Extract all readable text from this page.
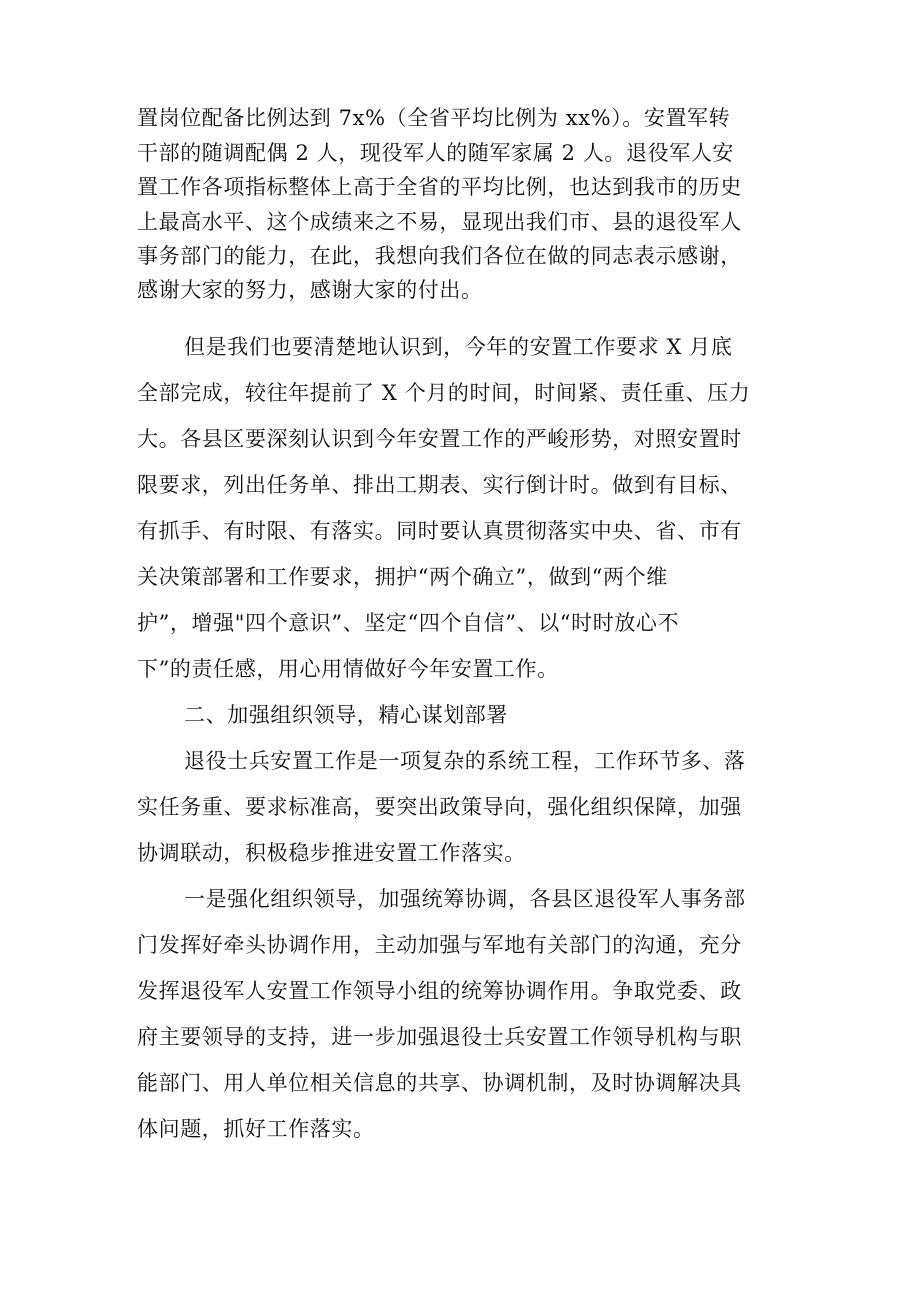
置岗位配备比例达到 7x%（全省平均比例为 xx%）。安置军转
干部的随调配偶 2 人，现役军人的随军家属 2 人。退役军人安
置工作各项指标整体上高于全省的平均比例，也达到我市的历史
上最高水平、这个成绩来之不易，显现出我们市、县的退役军人
事务部门的能力，在此，我想向我们各位在做的同志表示感谢，
感谢大家的努力，感谢大家的付出。
但是我们也要清楚地认识到，今年的安置工作要求 X 月底
全部完成，较往年提前了 X 个月的时间，时间紧、责任重、压力
大。各县区要深刻认识到今年安置工作的严峻形势，对照安置时
限要求，列出任务单、排出工期表、实行倒计时。做到有目标、
有抓手、有时限、有落实。同时要认真贯彻落实中央、省、市有
关决策部署和工作要求，拥护“两个确立”，做到“两个维
护”，增强"四个意识”、坚定“四个自信”、以“时时放心不
下”的责任感，用心用情做好今年安置工作。
二、加强组织领导，精心谋划部署
退役士兵安置工作是一项复杂的系统工程，工作环节多、落
实任务重、要求标准高，要突出政策导向，强化组织保障，加强
协调联动，积极稳步推进安置工作落实。
一是强化组织领导，加强统筹协调，各县区退役军人事务部
门发挥好牵头协调作用，主动加强与军地有关部门的沟通，充分
发挥退役军人安置工作领导小组的统筹协调作用。争取党委、政
府主要领导的支持，进一步加强退役士兵安置工作领导机构与职
能部门、用人单位相关信息的共享、协调机制，及时协调解决具
体问题，抓好工作落实。
